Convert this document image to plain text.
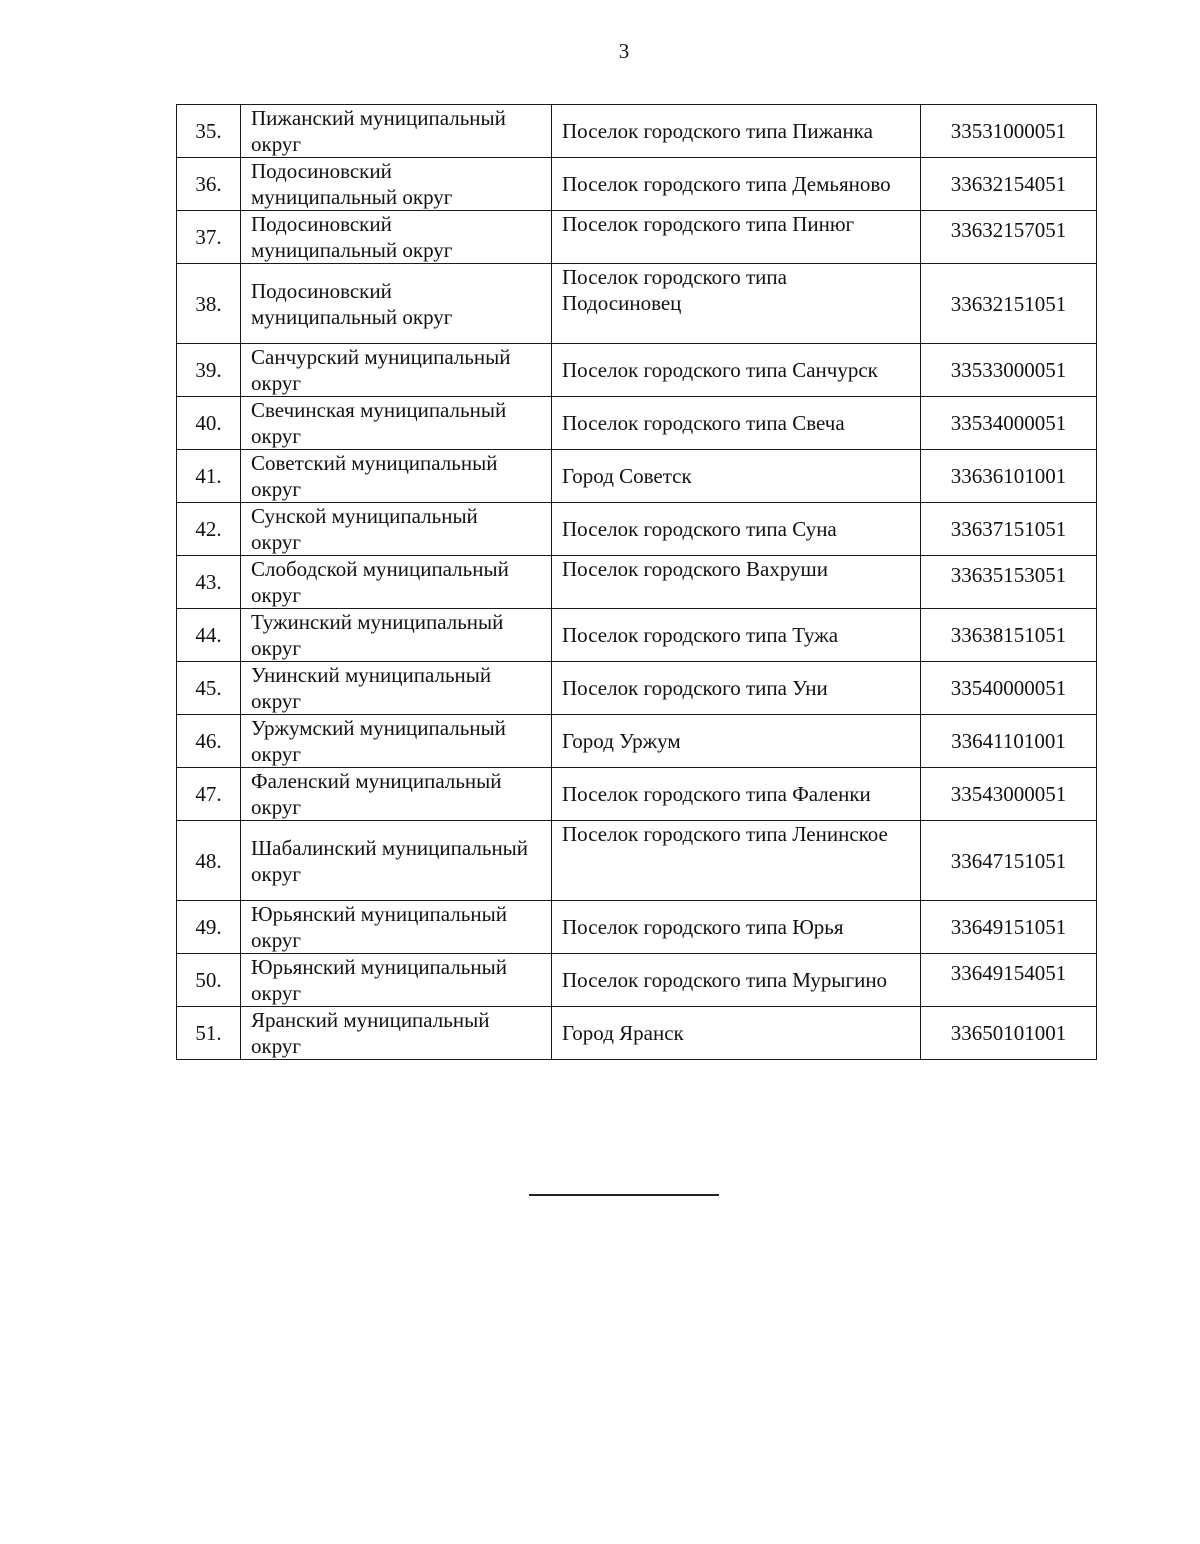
3
35.	Пижанский муниципальный округ	Поселок городского типа Пижанка	33531000051
36.	Подосиновский муниципальный округ	Поселок городского типа Демьяново	33632154051
37.	Подосиновский муниципальный округ	Поселок городского типа Пинюг	33632157051

38.	Подосиновский муниципальный округ	Поселок городского типа Подосиновец	33632151051
39.	Санчурский муниципальный округ	Поселок городского типа Санчурск	33533000051
40.	Свечинская муниципальный округ	Поселок городского типа Свеча	33534000051
41.	Советский муниципальный округ	Город Советск	33636101001
42.	Сунской муниципальный округ	Поселок городского типа Суна	33637151051
43.	Слободской муниципальный округ	Поселок городского Вахруши	33635153051

44.	Тужинский муниципальный округ	Поселок городского типа Тужа	33638151051
45.	Унинский муниципальный округ	Поселок городского типа Уни	33540000051
46.	Уржумский муниципальный округ	Город Уржум	33641101001
47.	Фаленский муниципальный округ	Поселок городского типа Фаленки	33543000051
48.	Шабалинский муниципальный округ	Поселок городского типа Ленинское	33647151051
49.	Юрьянский муниципальный округ	Поселок городского типа Юрья	33649151051
50.	Юрьянский муниципальный округ	Поселок городского типа Мурыгино	33649154051

51.	Яранский муниципальный округ	Город Яранск	33650101001
